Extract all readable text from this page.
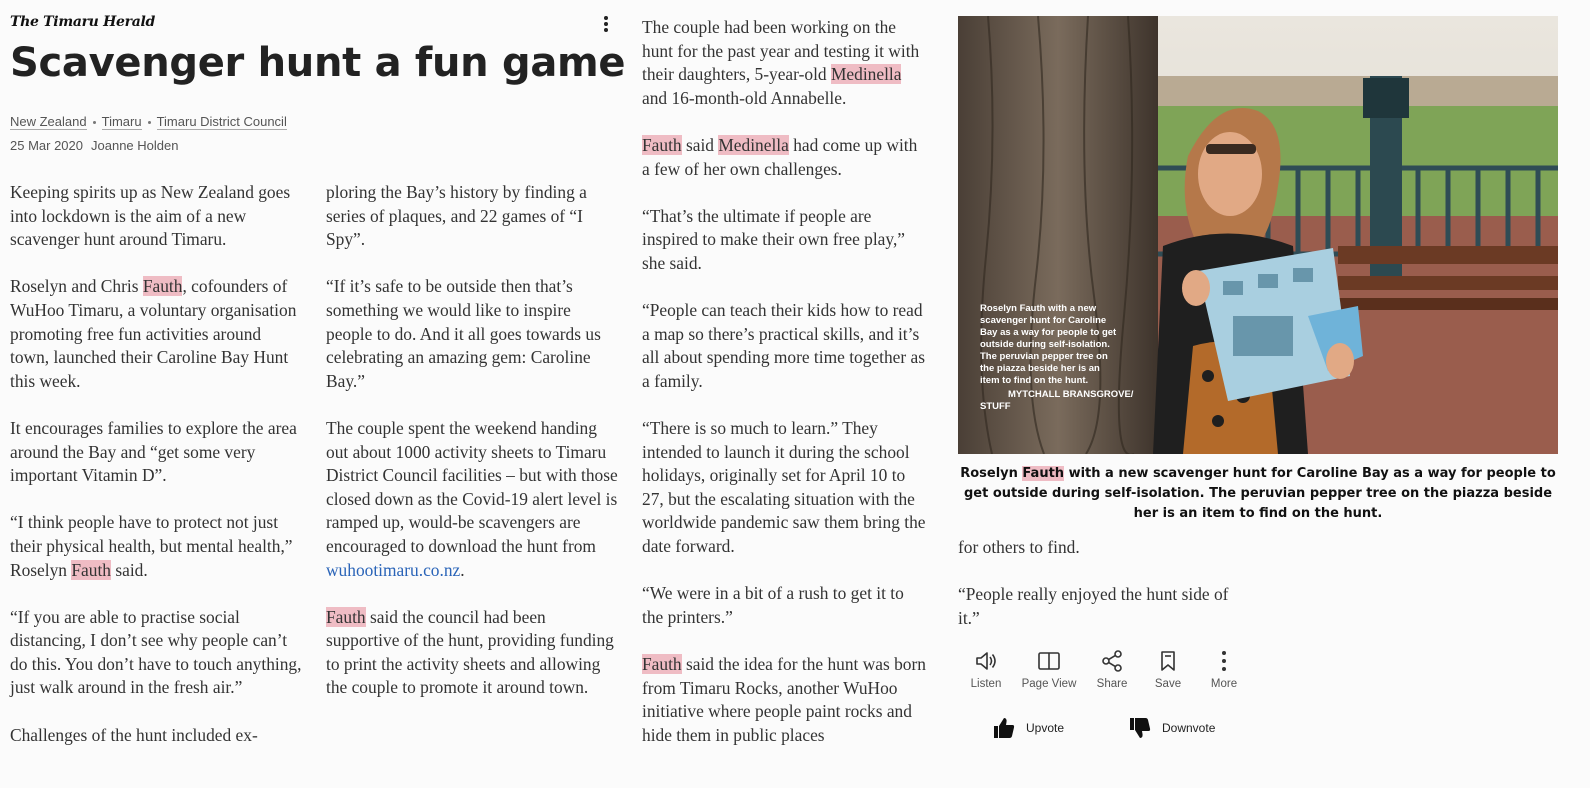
The Timaru Herald
Scavenger hunt a fun game
New Zealand Timaru Timaru District Council
25 Mar 2020 Joanne Holden

Keeping spirits up as New Zealand goes into lockdown is the aim of a new scavenger hunt around Timaru.

Roselyn and Chris Fauth, cofounders of WuHoo Timaru, a voluntary organisation promoting free fun activities around town, launched their Caroline Bay Hunt this week.

It encourages families to explore the area around the Bay and “get some very important Vitamin D”.

“I think people have to protect not just their physical health, but mental health,” Roselyn Fauth said.

“If you are able to practise social distancing, I don’t see why people can’t do this. You don’t have to touch anything, just walk around in the fresh air.”

Challenges of the hunt included ex-

ploring the Bay’s history by finding a series of plaques, and 22 games of “I Spy”.

“If it’s safe to be outside then that’s something we would like to inspire people to do. And it all goes towards us celebrating an amazing gem: Caroline Bay.”

The couple spent the weekend handing out about 1000 activity sheets to Timaru District Council facilities – but with those closed down as the Covid-19 alert level is ramped up, would-be scavengers are encouraged to download the hunt from wuhootimaru.co.nz.

Fauth said the council had been supportive of the hunt, providing funding to print the activity sheets and allowing the couple to promote it around town.

The couple had been working on the hunt for the past year and testing it with their daughters, 5-year-old Medinella and 16-month-old Annabelle.

Fauth said Medinella had come up with a few of her own challenges.

“That’s the ultimate if people are inspired to make their own free play,” she said.

“People can teach their kids how to read a map so there’s practical skills, and it’s all about spending more time together as a family.

“There is so much to learn.” They intended to launch it during the school holidays, originally set for April 10 to 27, but the escalating situation with the worldwide pandemic saw them bring the date forward.

“We were in a bit of a rush to get it to the printers.”

Fauth said the idea for the hunt was born from Timaru Rocks, another WuHoo initiative where people paint rocks and hide them in public places

Roselyn Fauth with a new
scavenger hunt for Caroline
Bay as a way for people to get
outside during self-isolation.
The peruvian pepper tree on
the piazza beside her is an
item to find on the hunt.
MYTCHALL BRANSGROVE/
STUFF
Roselyn Fauth with a new scavenger hunt for Caroline Bay as a way for people to get outside during self-isolation. The peruvian pepper tree on the piazza beside her is an item to find on the hunt.

for others to find.

“People really enjoyed the hunt side of it.”

Listen Page View Share Save	More
Upvote	Downvote
